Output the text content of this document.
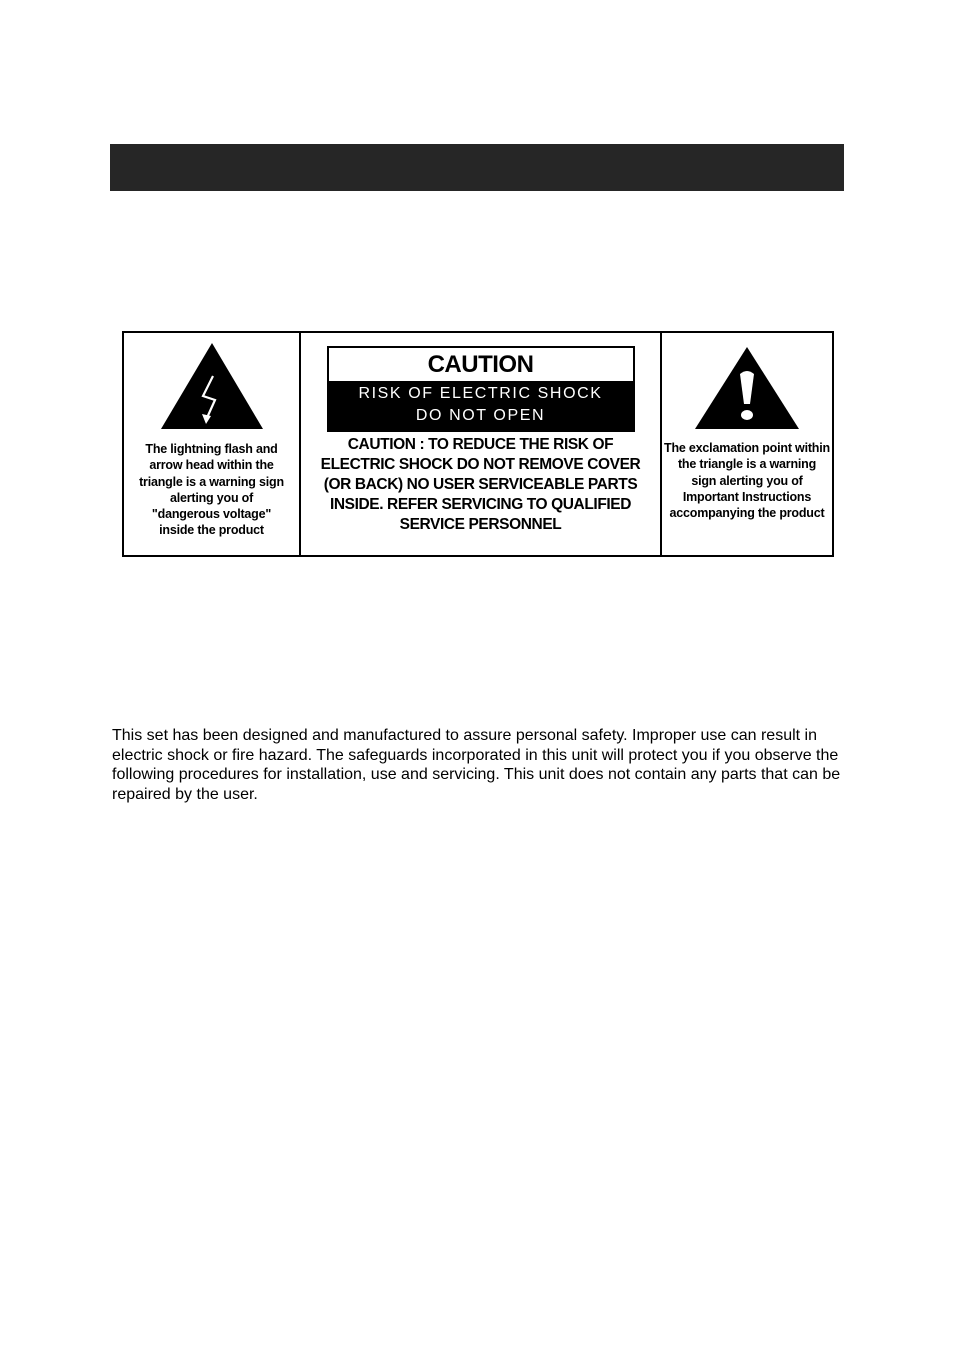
The lightning flash and arrow head within the triangle is a warning sign alerting you of "dangerous voltage" inside the product
CAUTION
RISK OF ELECTRIC SHOCK
DO NOT OPEN
CAUTION : TO REDUCE THE RISK OF ELECTRIC SHOCK DO NOT REMOVE COVER (OR BACK) NO USER SERVICEABLE PARTS INSIDE. REFER SERVICING TO QUALIFIED SERVICE PERSONNEL
The exclamation point within the triangle is a warning sign alerting you of Important Instructions accompanying the product
This set has been designed and manufactured to assure personal safety. Improper use can result in electric shock or fire hazard. The safeguards incorporated in this unit will protect you if you observe the following procedures for installation, use and servicing. This unit does not contain any parts that can be repaired by the user.
